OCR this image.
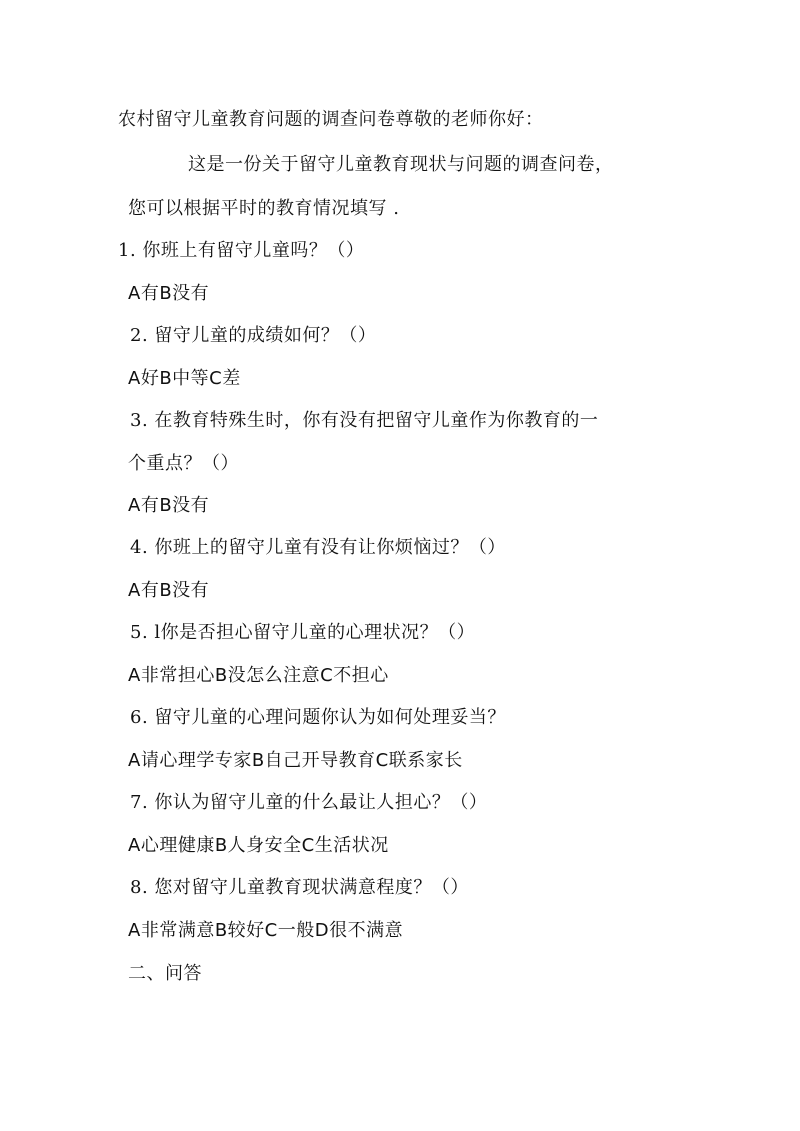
农村留守儿童教育问题的调查问卷尊敬的老师你好：
这是一份关于留守儿童教育现状与问题的调查问卷，
您可以根据平时的教育情况填写 .
1. 你班上有留守儿童吗？（）
A有B没有
2. 留守儿童的成绩如何？（）
A好B中等C差
3. 在教育特殊生时，你有没有把留守儿童作为你教育的一
个重点？（）
A有B没有
4. 你班上的留守儿童有没有让你烦恼过？（）
A有B没有
5. l你是否担心留守儿童的心理状况？（）
A非常担心B没怎么注意C不担心
6. 留守儿童的心理问题你认为如何处理妥当？
A请心理学专家B自己开导教育C联系家长
7. 你认为留守儿童的什么最让人担心？（）
A心理健康B人身安全C生活状况
8. 您对留守儿童教育现状满意程度？（）
A非常满意B较好C一般D很不满意
二、问答
